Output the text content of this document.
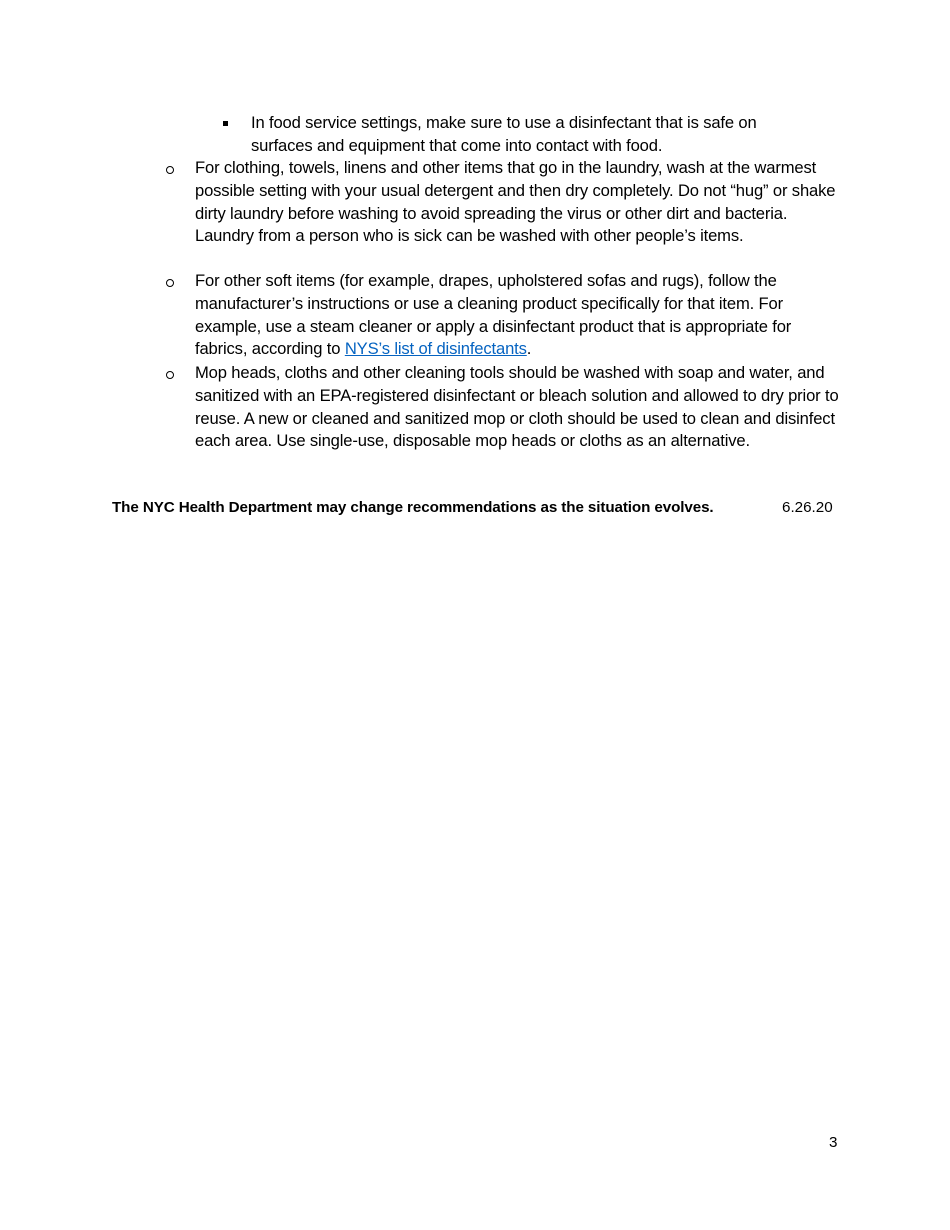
In food service settings, make sure to use a disinfectant that is safe on surfaces and equipment that come into contact with food.
For clothing, towels, linens and other items that go in the laundry, wash at the warmest possible setting with your usual detergent and then dry completely. Do not “hug” or shake dirty laundry before washing to avoid spreading the virus or other dirt and bacteria. Laundry from a person who is sick can be washed with other people’s items.
For other soft items (for example, drapes, upholstered sofas and rugs), follow the manufacturer’s instructions or use a cleaning product specifically for that item. For example, use a steam cleaner or apply a disinfectant product that is appropriate for fabrics, according to NYS’s list of disinfectants.
Mop heads, cloths and other cleaning tools should be washed with soap and water, and sanitized with an EPA-registered disinfectant or bleach solution and allowed to dry prior to reuse. A new or cleaned and sanitized mop or cloth should be used to clean and disinfect each area. Use single-use, disposable mop heads or cloths as an alternative.
The NYC Health Department may change recommendations as the situation evolves.	6.26.20
3
